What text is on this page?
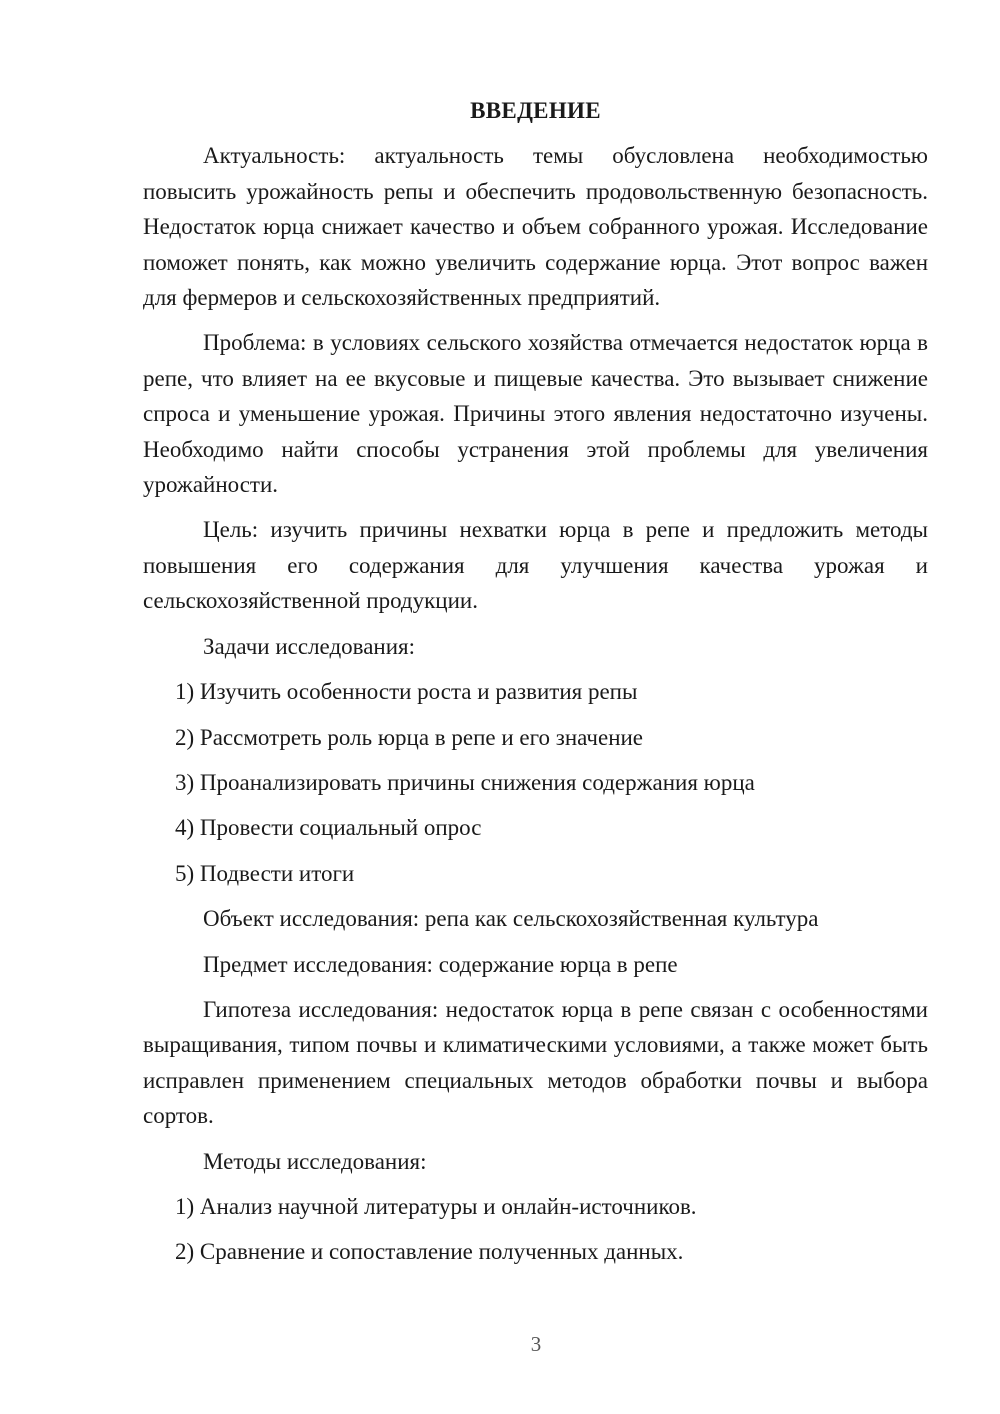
ВВЕДЕНИЕ

Актуальность: актуальность темы обусловлена необходимостью повысить урожайность репы и обеспечить продовольственную безопасность. Недостаток юрца снижает качество и объем собранного урожая. Исследование поможет понять, как можно увеличить содержание юрца. Этот вопрос важен для фермеров и сельскохозяйственных предприятий.

Проблема: в условиях сельского хозяйства отмечается недостаток юрца в репе, что влияет на ее вкусовые и пищевые качества. Это вызывает снижение спроса и уменьшение урожая. Причины этого явления недостаточно изучены. Необходимо найти способы устранения этой проблемы для увеличения урожайности.

Цель: изучить причины нехватки юрца в репе и предложить методы повышения его содержания для улучшения качества урожая и сельскохозяйственной продукции.

Задачи исследования:

1) Изучить особенности роста и развития репы
2) Рассмотреть роль юрца в репе и его значение
3) Проанализировать причины снижения содержания юрца
4) Провести социальный опрос
5) Подвести итоги

Объект исследования: репа как сельскохозяйственная культура

Предмет исследования: содержание юрца в репе

Гипотеза исследования: недостаток юрца в репе связан с особенностями выращивания, типом почвы и климатическими условиями, а также может быть исправлен применением специальных методов обработки почвы и выбора сортов.

Методы исследования:

1) Анализ научной литературы и онлайн-источников.
2) Сравнение и сопоставление полученных данных.
3
